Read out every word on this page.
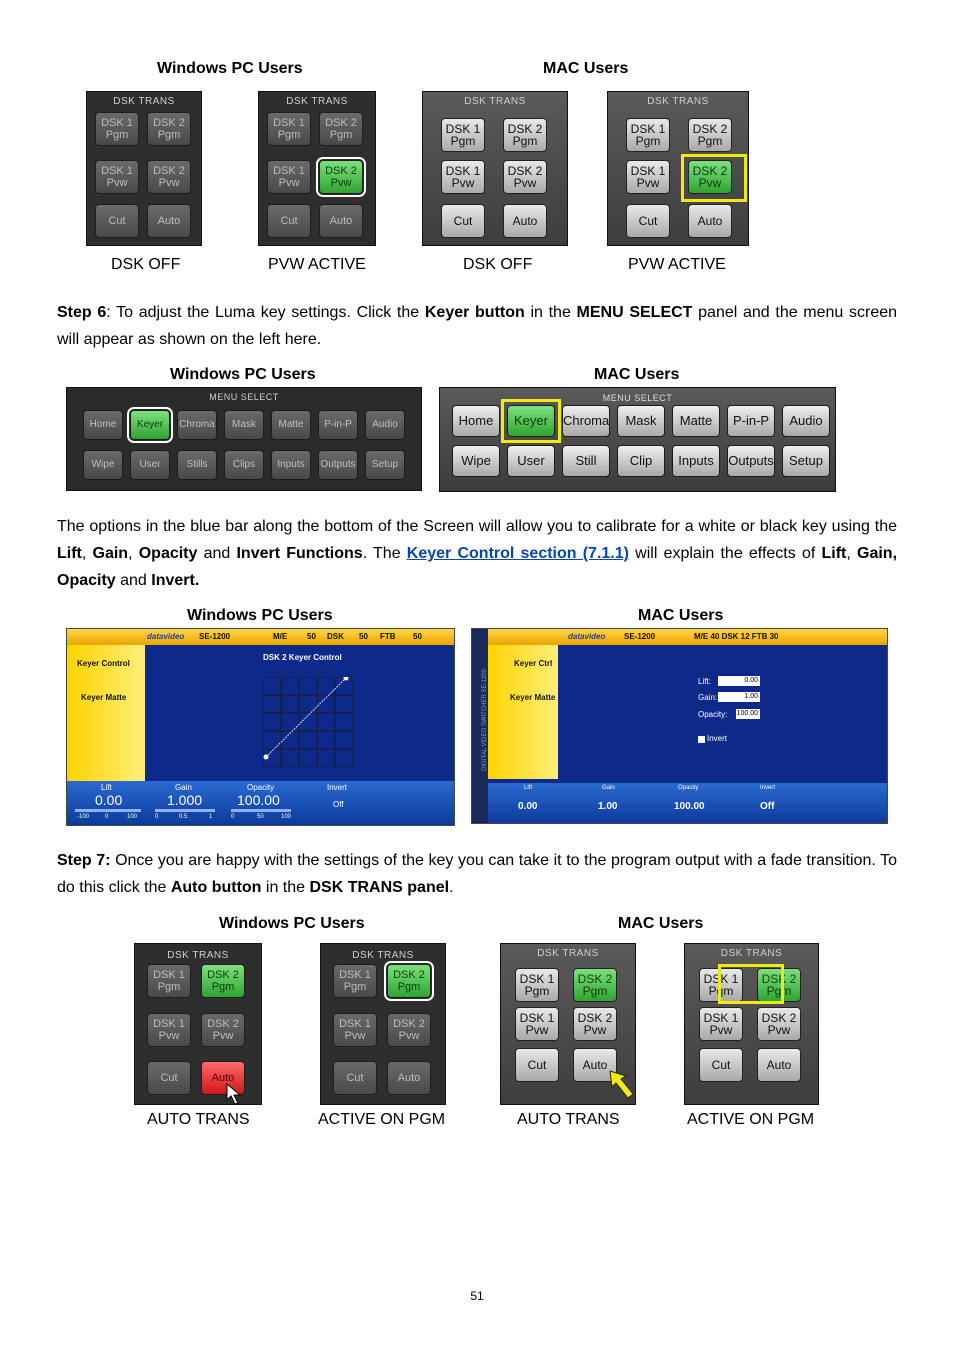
Windows PC Users	MAC Users
DSK TRANS
DSK 1
Pgm
DSK 2
Pgm
DSK 1
Pvw
DSK 2
Pvw
Cut	Auto
DSK TRANS
DSK 1
Pgm
DSK 2
Pgm
DSK 1
Pvw
DSK 2
Pvw
Cut	Auto
DSK TRANS
DSK 1
Pgm
DSK 2
Pgm
DSK 1
Pvw
DSK 2
Pvw
Cut	Auto
DSK TRANS
DSK 1
Pgm
DSK 2
Pgm
DSK 1
Pvw
DSK 2
Pvw
Cut	Auto
DSK OFF	PVW ACTIVE	DSK OFF	PVW ACTIVE
Step 6: To adjust the Luma key settings. Click the Keyer button in the MENU SELECT panel and the menu screen will appear as shown on the left here.
Windows PC Users	MAC Users
MENU SELECT
Home	Keyer	Chroma	Mask	Matte	P-in-P	Audio
Wipe	User	Stills	Clips	Inputs	Outputs	Setup
MENU SELECT
Home	Keyer	Chroma	Mask	Matte	P-in-P	Audio
Wipe	User	Still	Clip	Inputs	Outputs	Setup
The options in the blue bar along the bottom of the Screen will allow you to calibrate for a white or black key using the Lift, Gain, Opacity and Invert Functions. The Keyer Control section (7.1.1) will explain the effects of Lift, Gain, Opacity and Invert.
Windows PC Users	MAC Users
datavideo SE-1200	M/E 50 DSK 50 FTB 50
Keyer Control
Keyer Matte
DSK 2 Keyer Control
Lift	Gain	Opacity	Invert
0.00	1.000 100.00	Off
-100	0	100	0	0.5	1	0	50	100
DIGITAL VIDEO SWITCHER SE-1200
datavideo SE-1200	M/E 40 DSK 12 FTB 30
Keyer Ctrl
Keyer Matte
Lift:	0.00
Gain:	1.00
Opacity: 100.00
Invert
Lift	Gain	Opacity	Invert
0.00	1.00	100.00	Off
Step 7: Once you are happy with the settings of the key you can take it to the program output with a fade transition. To do this click the Auto button in the DSK TRANS panel.
Windows PC Users	MAC Users
DSK TRANS
DSK 1
Pgm
DSK 2
Pgm
DSK 1
Pvw
DSK 2
Pvw
Cut	Auto
DSK TRANS
DSK 1
Pgm
DSK 2
Pgm
DSK 1
Pvw
DSK 2
Pvw
Cut	Auto
DSK TRANS
DSK 1
Pgm
DSK 2
Pgm
DSK 1
Pvw
DSK 2
Pvw
Cut	Auto
DSK TRANS
DSK 1
Pgm
DSK 2
Pgm
DSK 1
Pvw
DSK 2
Pvw
Cut	Auto
AUTO TRANS	ACTIVE ON PGM	AUTO TRANS	ACTIVE ON PGM
51
